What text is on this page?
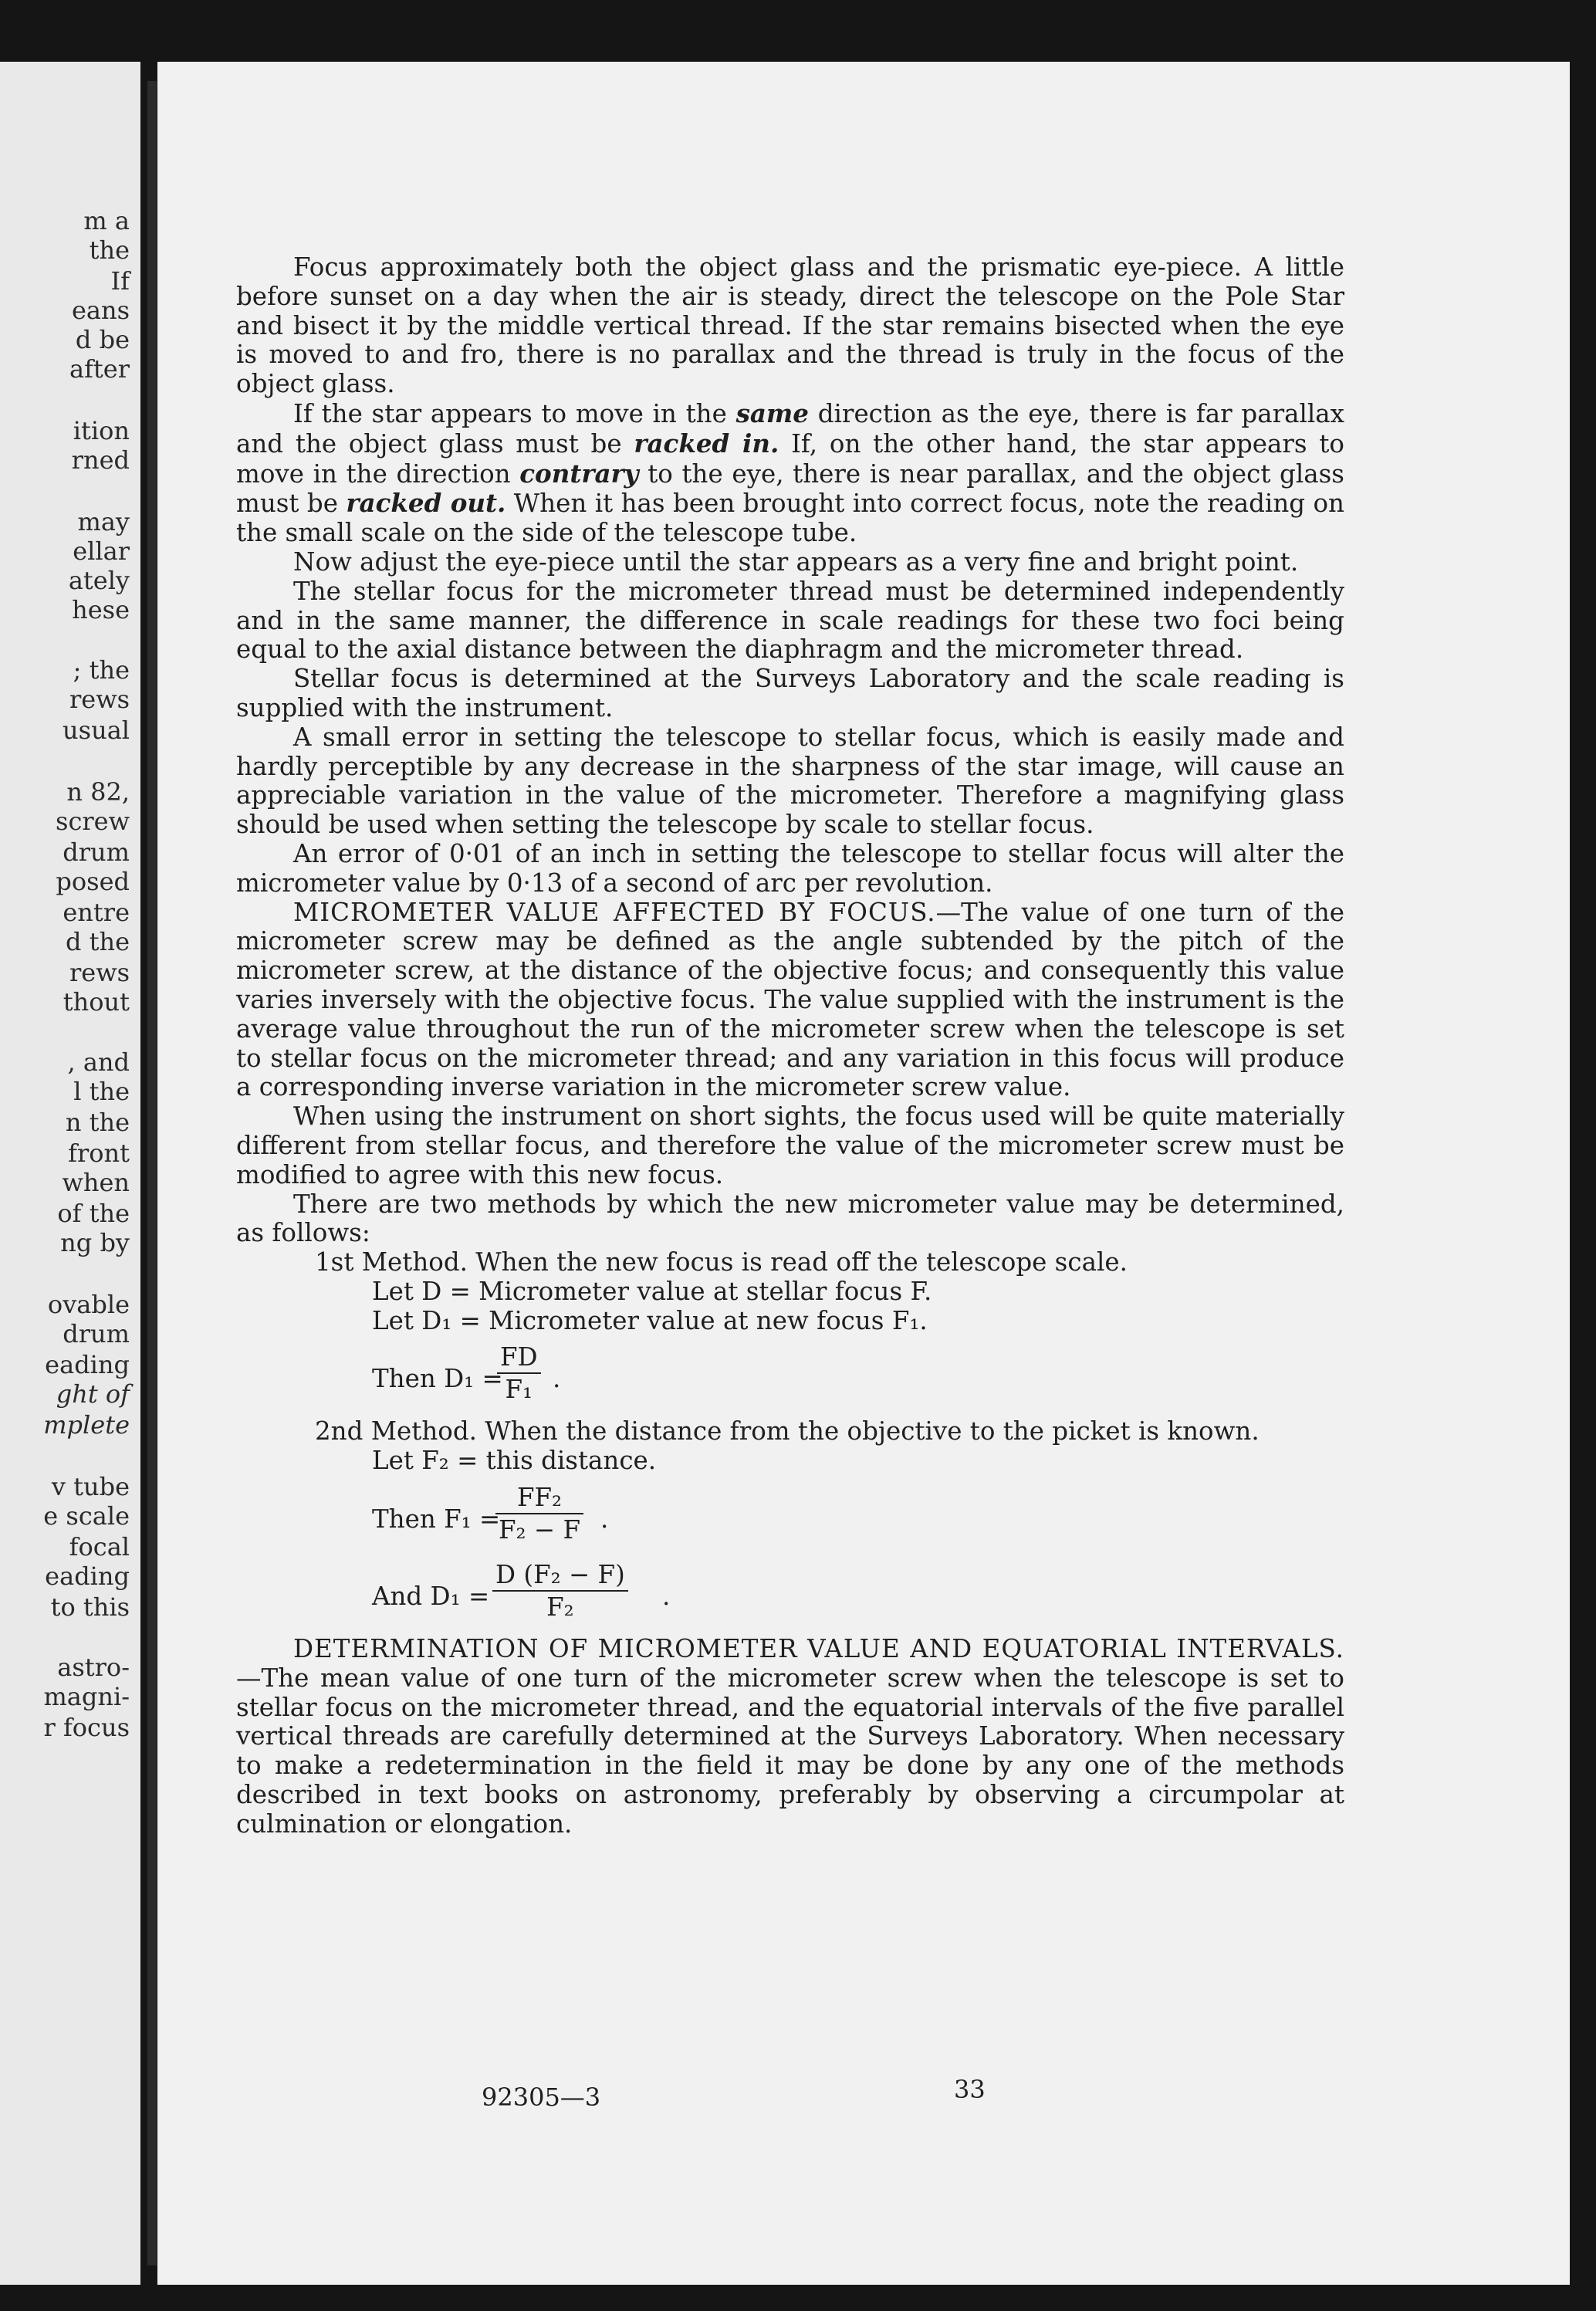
m a
the
If
eans
d be
after
ition
rned
may
ellar
ately
hese
; the
rews
usual
n 82,
screw
drum
posed
entre
d the
rews
thout
, and
l the
n the
front
when
of the
ng by
ovable
drum
eading
ght of
mplete
v tube
e scale
focal
eading
to this
astro-
magni-
r focus

Focus approximately both the object glass and the prismatic eye-piece. A little before sunset on a day when the air is steady, direct the telescope on the Pole Star and bisect it by the middle vertical thread. If the star remains bisected when the eye is moved to and fro, there is no parallax and the thread is truly in the focus of the object glass.

If the star appears to move in the same direction as the eye, there is far parallax and the object glass must be racked in. If, on the other hand, the star appears to move in the direction contrary to the eye, there is near parallax, and the object glass must be racked out. When it has been brought into correct focus, note the reading on the small scale on the side of the telescope tube.

Now adjust the eye-piece until the star appears as a very fine and bright point.

The stellar focus for the micrometer thread must be determined independently and in the same manner, the difference in scale readings for these two foci being equal to the axial distance between the diaphragm and the micrometer thread.

Stellar focus is determined at the Surveys Laboratory and the scale reading is supplied with the instrument.

A small error in setting the telescope to stellar focus, which is easily made and hardly perceptible by any decrease in the sharpness of the star image, will cause an appreciable variation in the value of the micrometer. Therefore a magnifying glass should be used when setting the telescope by scale to stellar focus.

An error of 0·01 of an inch in setting the telescope to stellar focus will alter the micrometer value by 0·13 of a second of arc per revolution.

MICROMETER VALUE AFFECTED BY FOCUS.—The value of one turn of the micrometer screw may be defined as the angle subtended by the pitch of the micrometer screw, at the distance of the objective focus; and consequently this value varies inversely with the objective focus. The value supplied with the instrument is the average value throughout the run of the micrometer screw when the telescope is set to stellar focus on the micrometer thread; and any variation in this focus will produce a corresponding inverse variation in the micrometer screw value.

When using the instrument on short sights, the focus used will be quite materially different from stellar focus, and therefore the value of the micrometer screw must be modified to agree with this new focus.

There are two methods by which the new micrometer value may be determined, as follows:

1st Method. When the new focus is read off the telescope scale.

Let D = Micrometer value at stellar focus F.

Let D₁ = Micrometer value at new focus F₁.

Then D₁ =
FD
F₁ .

2nd Method. When the distance from the objective to the picket is known.

Let F₂ = this distance.

Then F₁ =
FF₂
F₂ − F .
And D₁ =
D (F₂ − F)
F₂	.

DETERMINATION OF MICROMETER VALUE AND EQUATORIAL INTERVALS.—The mean value of one turn of the micrometer screw when the telescope is set to stellar focus on the micrometer thread, and the equatorial intervals of the five parallel vertical threads are carefully determined at the Surveys Laboratory. When necessary to make a redetermination in the field it may be done by any one of the methods described in text books on astronomy, preferably by observing a circumpolar at culmination or elongation.

92305—3	33
